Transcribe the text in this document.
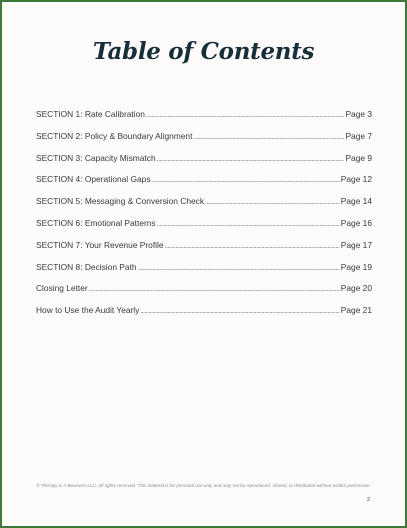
Table of Contents
SECTION 1: Rate Calibration .....	Page 3
SECTION 2: Policy & Boundary Alignment .....	Page 7
SECTION 3: Capacity Mismatch .....	Page 9
SECTION 4: Operational Gaps .....	Page 12
SECTION 5: Messaging & Conversion Check .....	Page 14
SECTION 6: Emotional Patterns .....	Page 16
SECTION 7: Your Revenue Profile .....	Page 17
SECTION 8: Decision Path .....	Page 19
Closing Letter .....	Page 20
How to Use the Audit Yearly .....	Page 21
© Therapy is A Business LLC. All rights reserved. This material is for personal use only and may not be reproduced, shared, or distributed without written permission.
2
